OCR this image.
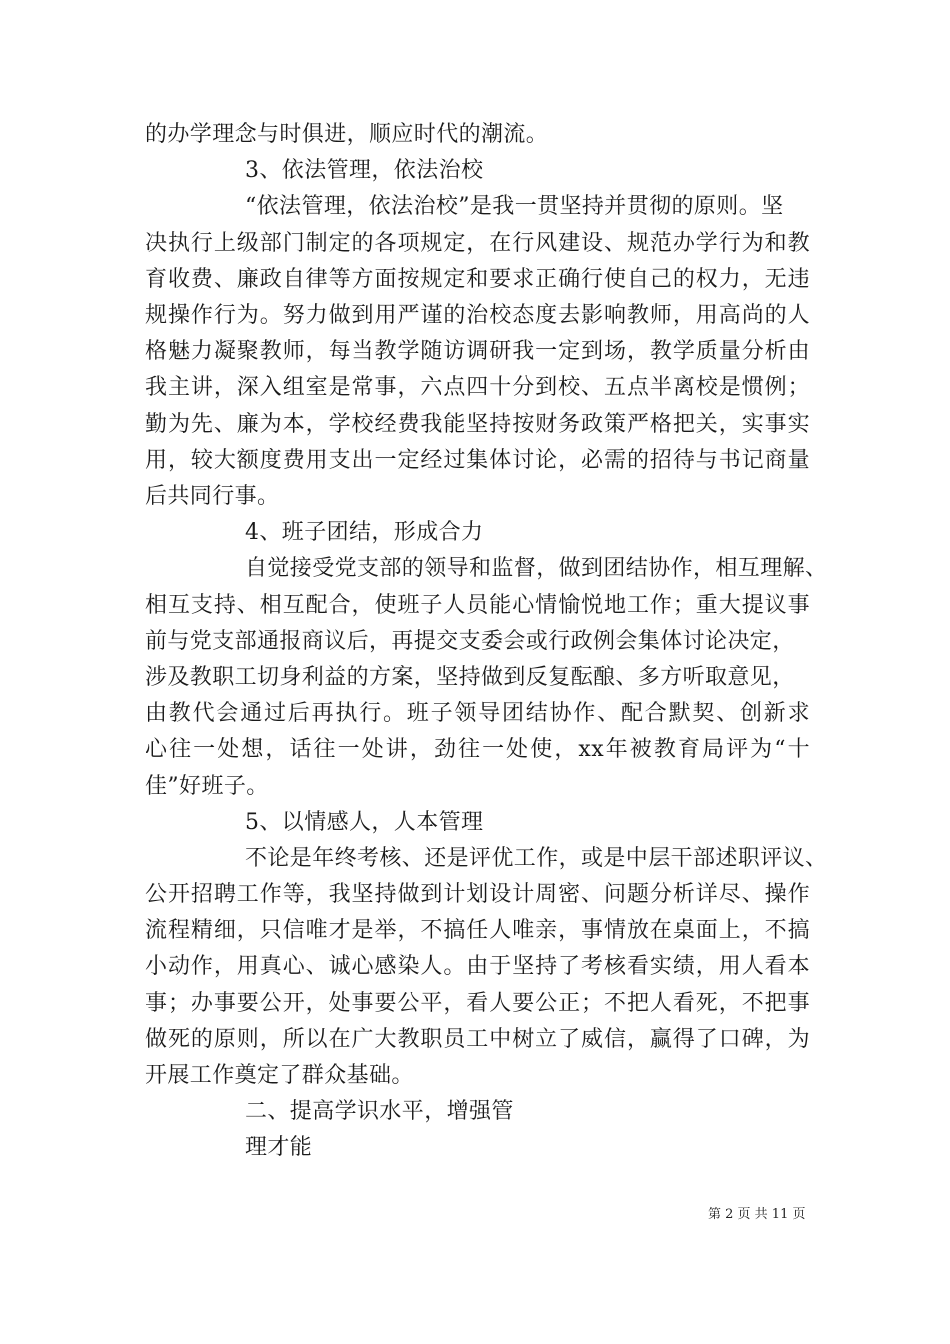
的办学理念与时俱进，顺应时代的潮流。
3、依法管理，依法治校
“依法管理，依法治校”是我一贯坚持并贯彻的原则。坚
决执行上级部门制定的各项规定，在行风建设、规范办学行为和教
育收费、廉政自律等方面按规定和要求正确行使自己的权力，无违
规操作行为。努力做到用严谨的治校态度去影响教师，用高尚的人
格魅力凝聚教师，每当教学随访调研我一定到场，教学质量分析由
我主讲，深入组室是常事，六点四十分到校、五点半离校是惯例；
勤为先、廉为本，学校经费我能坚持按财务政策严格把关，实事实
用，较大额度费用支出一定经过集体讨论，必需的招待与书记商量
后共同行事。
4、班子团结，形成合力
自觉接受党支部的领导和监督，做到团结协作，相互理解、
相互支持、相互配合，使班子人员能心情愉悦地工作；重大提议事
前与党支部通报商议后，再提交支委会或行政例会集体讨论决定，
涉及教职工切身利益的方案，坚持做到反复酝酿、多方听取意见，
由教代会通过后再执行。班子领导团结协作、配合默契、创新求
心往一处想，话往一处讲，劲往一处使，xx年被教育局评为“十
佳”好班子。
5、以情感人，人本管理
不论是年终考核、还是评优工作，或是中层干部述职评议、
公开招聘工作等，我坚持做到计划设计周密、问题分析详尽、操作
流程精细，只信唯才是举，不搞任人唯亲，事情放在桌面上，不搞
小动作，用真心、诚心感染人。由于坚持了考核看实绩，用人看本
事；办事要公开，处事要公平，看人要公正；不把人看死，不把事
做死的原则，所以在广大教职员工中树立了威信，赢得了口碑，为
开展工作奠定了群众基础。
二、提高学识水平，增强管
理才能
第 2 页 共 11 页
